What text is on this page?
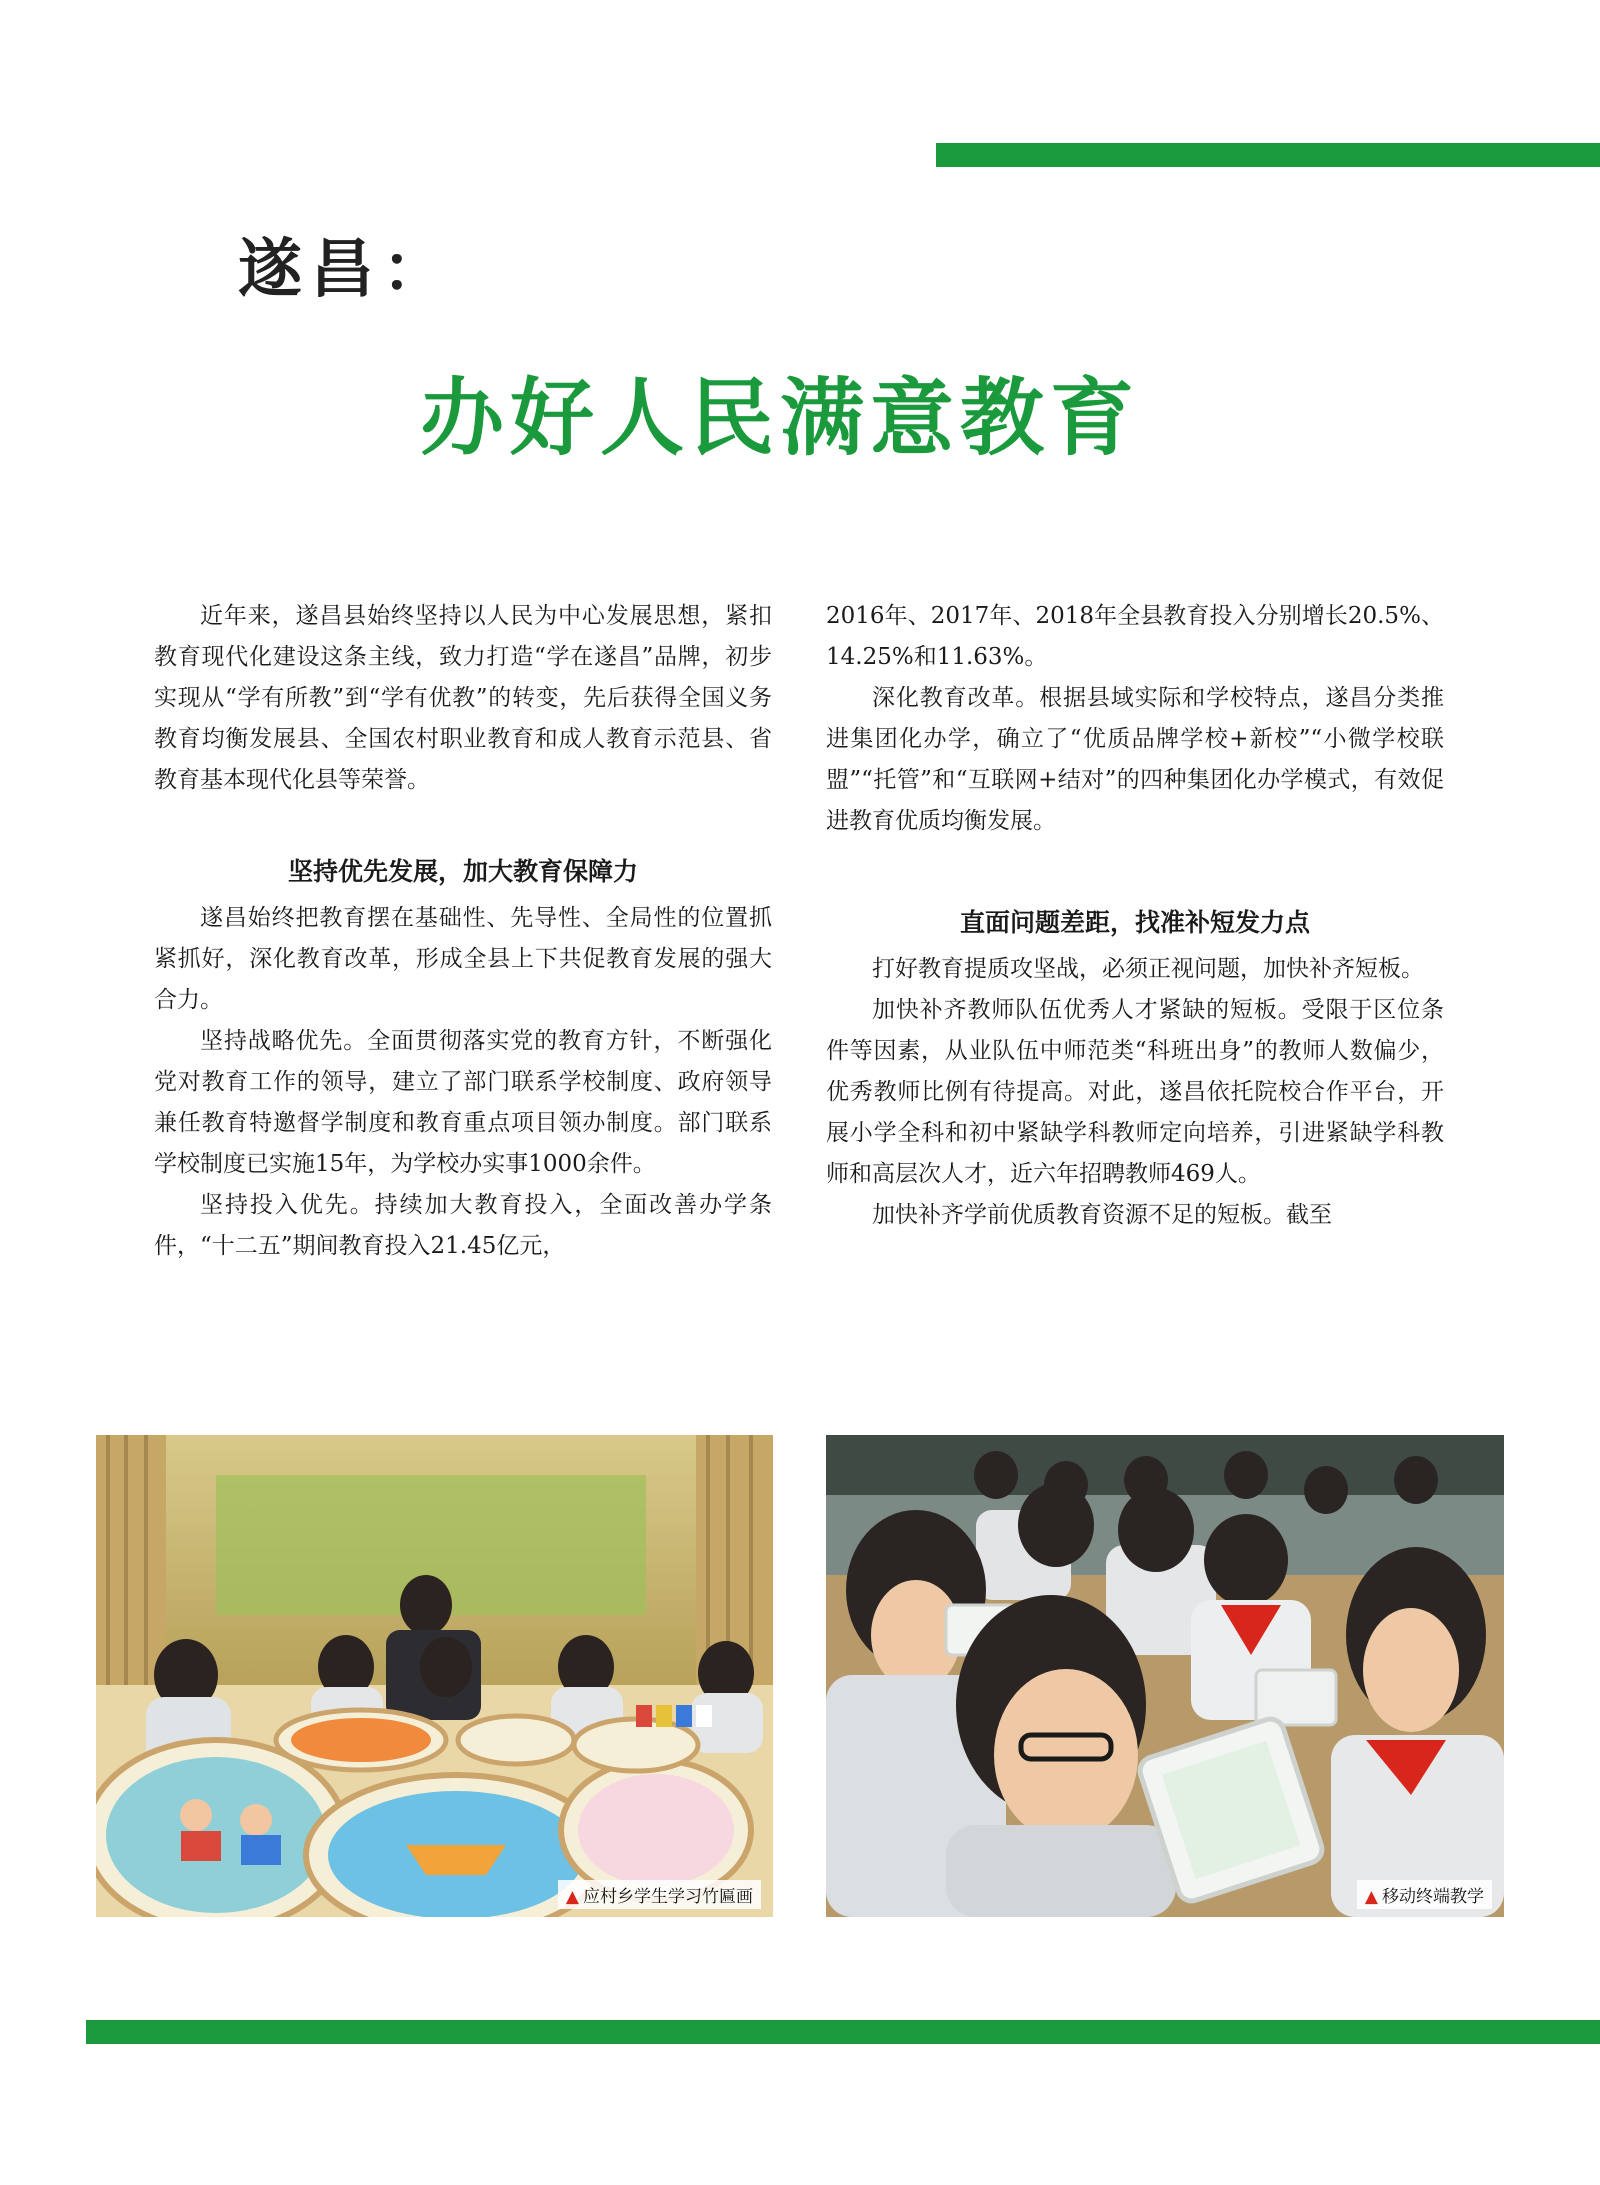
遂昌：
办好人民满意教育

近年来，遂昌县始终坚持以人民为中心发展思想，紧扣教育现代化建设这条主线，致力打造“学在遂昌”品牌，初步实现从“学有所教”到“学有优教”的转变，先后获得全国义务教育均衡发展县、全国农村职业教育和成人教育示范县、省教育基本现代化县等荣誉。

坚持优先发展，加大教育保障力

遂昌始终把教育摆在基础性、先导性、全局性的位置抓紧抓好，深化教育改革，形成全县上下共促教育发展的强大合力。

坚持战略优先。全面贯彻落实党的教育方针，不断强化党对教育工作的领导，建立了部门联系学校制度、政府领导兼任教育特邀督学制度和教育重点项目领办制度。部门联系学校制度已实施15年，为学校办实事1000余件。

坚持投入优先。持续加大教育投入，全面改善办学条件，“十二五”期间教育投入21.45亿元，

2016年、2017年、2018年全县教育投入分别增长20.5%、14.25%和11.63%。

深化教育改革。根据县域实际和学校特点，遂昌分类推进集团化办学，确立了“优质品牌学校+新校”“小微学校联盟”“托管”和“互联网+结对”的四种集团化办学模式，有效促进教育优质均衡发展。

直面问题差距，找准补短发力点

打好教育提质攻坚战，必须正视问题，加快补齐短板。

加快补齐教师队伍优秀人才紧缺的短板。受限于区位条件等因素，从业队伍中师范类“科班出身”的教师人数偏少，优秀教师比例有待提高。对此，遂昌依托院校合作平台，开展小学全科和初中紧缺学科教师定向培养，引进紧缺学科教师和高层次人才，近六年招聘教师469人。

加快补齐学前优质教育资源不足的短板。截至

▲ 应村乡学生学习竹匾画	▲ 移动终端教学
